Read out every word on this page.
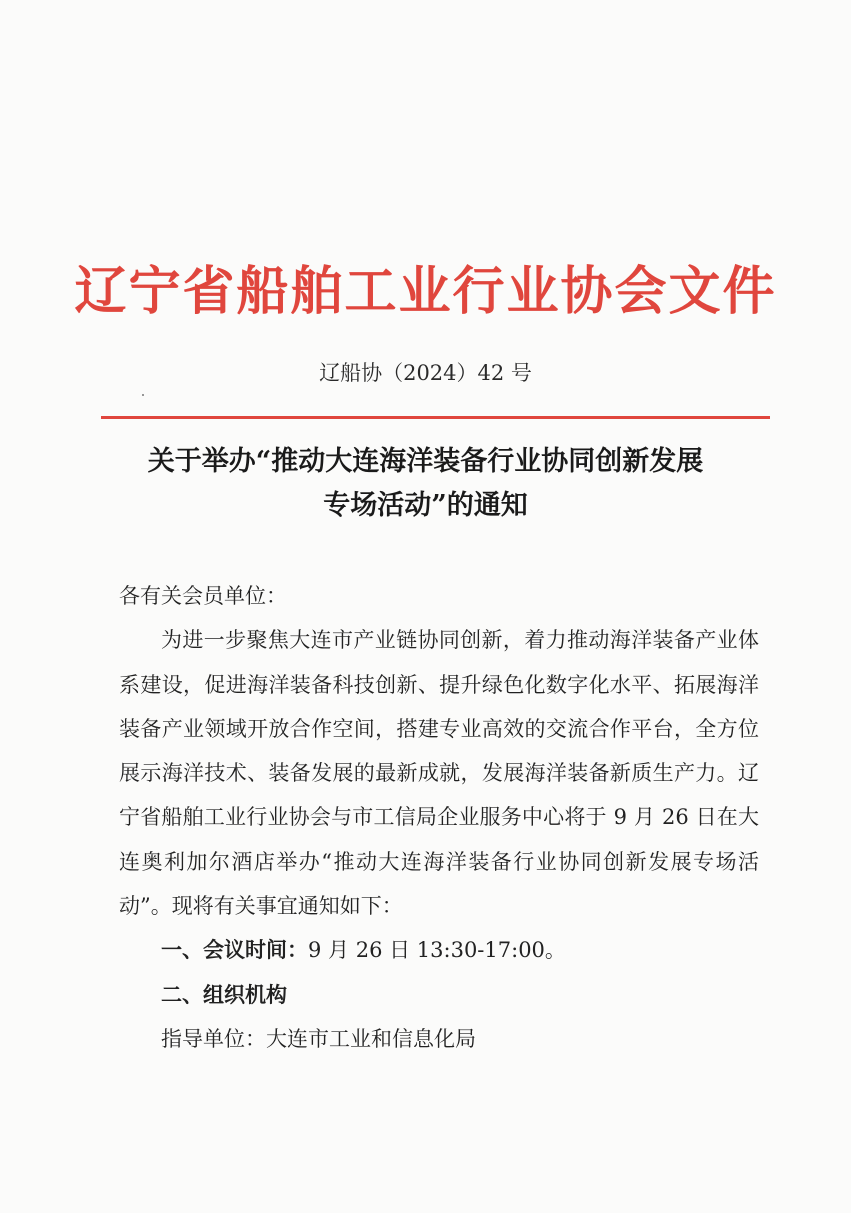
辽宁省船舶工业行业协会文件
辽船协（2024）42 号
关于举办“推动大连海洋装备行业协同创新发展
专场活动”的通知

各有关会员单位：

为进一步聚焦大连市产业链协同创新，着力推动海洋装备产业体系建设，促进海洋装备科技创新、提升绿色化数字化水平、拓展海洋装备产业领域开放合作空间，搭建专业高效的交流合作平台，全方位展示海洋技术、装备发展的最新成就，发展海洋装备新质生产力。辽宁省船舶工业行业协会与市工信局企业服务中心将于 9 月 26 日在大连奥利加尔酒店举办“推动大连海洋装备行业协同创新发展专场活动”。现将有关事宜通知如下：

一、会议时间：9 月 26 日 13:30-17:00。

二、组织机构

指导单位：大连市工业和信息化局
